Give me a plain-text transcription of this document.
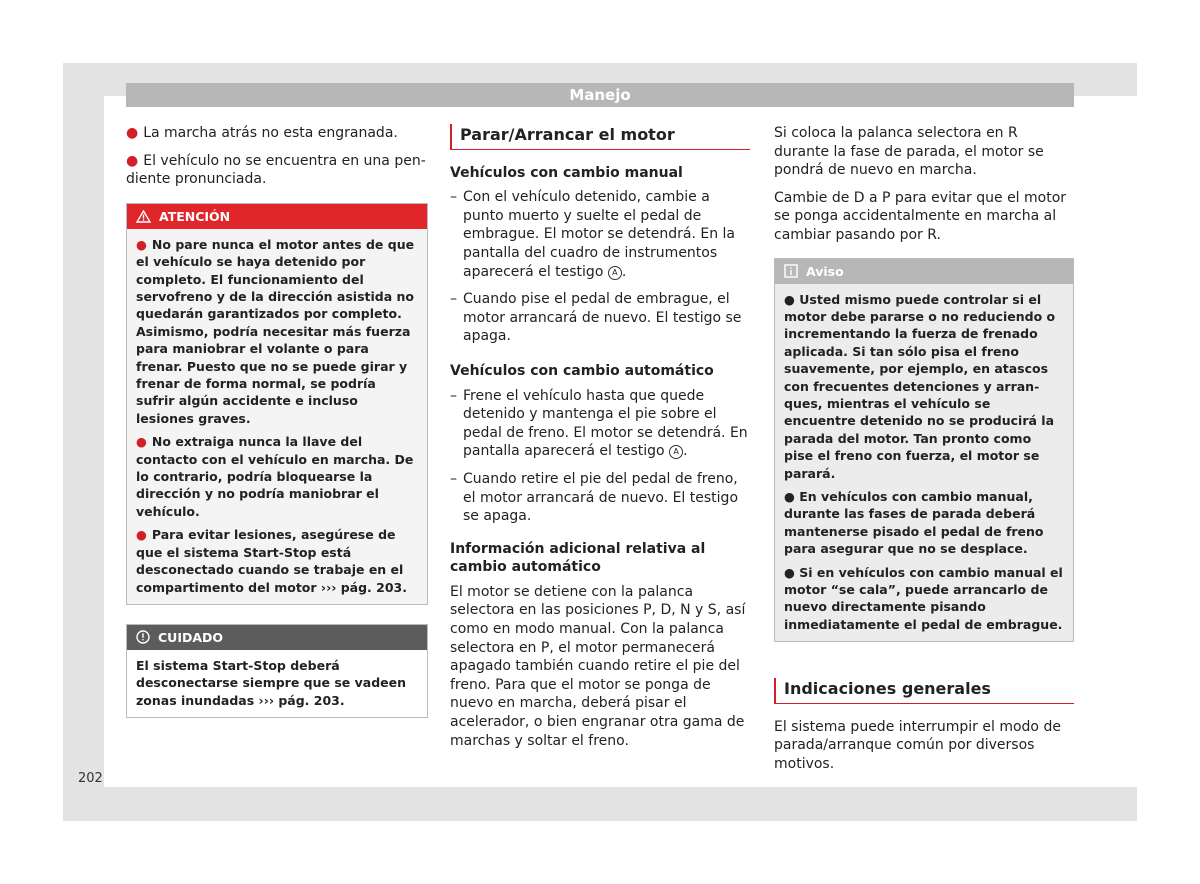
Manejo

● La marcha atrás no esta engranada.

● El vehículo no se encuentra en una pendiente pronunciada.

ATENCIÓN

● No pare nunca el motor antes de que el vehículo se haya detenido por completo. El funcionamiento del servofreno y de la dirección asistida no quedarán garantizados por completo. Asimismo, podría necesitar más fuerza para maniobrar el volante o para frenar. Puesto que no se puede girar y frenar de forma normal, se podría sufrir algún accidente e incluso lesiones graves.

● No extraiga nunca la llave del contacto con el vehículo en marcha. De lo contrario, podría bloquearse la dirección y no podría maniobrar el vehículo.

● Para evitar lesiones, asegúrese de que el sistema Start-Stop está desconectado cuando se trabaje en el compartimento del motor ››› pág. 203.

CUIDADO

El sistema Start-Stop deberá desconectarse siempre que se vadeen zonas inundadas ››› pág. 203.

Parar/Arrancar el motor
Vehículos con cambio manual
– Con el vehículo detenido, cambie a punto muerto y suelte el pedal de embrague. El motor se detendrá. En la pantalla del cuadro de instrumentos aparecerá el testigo A .
– Cuando pise el pedal de embrague, el motor arrancará de nuevo. El testigo se apaga.
Vehículos con cambio automático
– Frene el vehículo hasta que quede detenido y mantenga el pie sobre el pedal de freno. El motor se detendrá. En pantalla aparecerá el testigo A .
– Cuando retire el pie del pedal de freno, el motor arrancará de nuevo. El testigo se apaga.
Información adicional relativa al cambio automático

El motor se detiene con la palanca selectora en las posiciones P, D, N y S, así como en modo manual. Con la palanca selectora en P, el motor permanecerá apagado también cuando retire el pie del freno. Para que el motor se ponga de nuevo en marcha, deberá pisar el acelerador, o bien engranar otra gama de marchas y soltar el freno.

Si coloca la palanca selectora en R durante la fase de parada, el motor se pondrá de nuevo en marcha.

Cambie de D a P para evitar que el motor se ponga accidentalmente en marcha al cambiar pasando por R.

Aviso

● Usted mismo puede controlar si el motor debe pararse o no reduciendo o incrementando la fuerza de frenado aplicada. Si tan sólo pisa el freno suavemente, por ejemplo, en atascos con frecuentes detenciones y arranques, mientras el vehículo se encuentre detenido no se producirá la parada del motor. Tan pronto como pise el freno con fuerza, el motor se parará.

● En vehículos con cambio manual, durante las fases de parada deberá mantenerse pisado el pedal de freno para asegurar que no se desplace.

● Si en vehículos con cambio manual el motor “se cala”, puede arrancarlo de nuevo directamente pisando inmediatamente el pedal de embrague.

Indicaciones generales

El sistema puede interrumpir el modo de parada/arranque común por diversos motivos.

202
